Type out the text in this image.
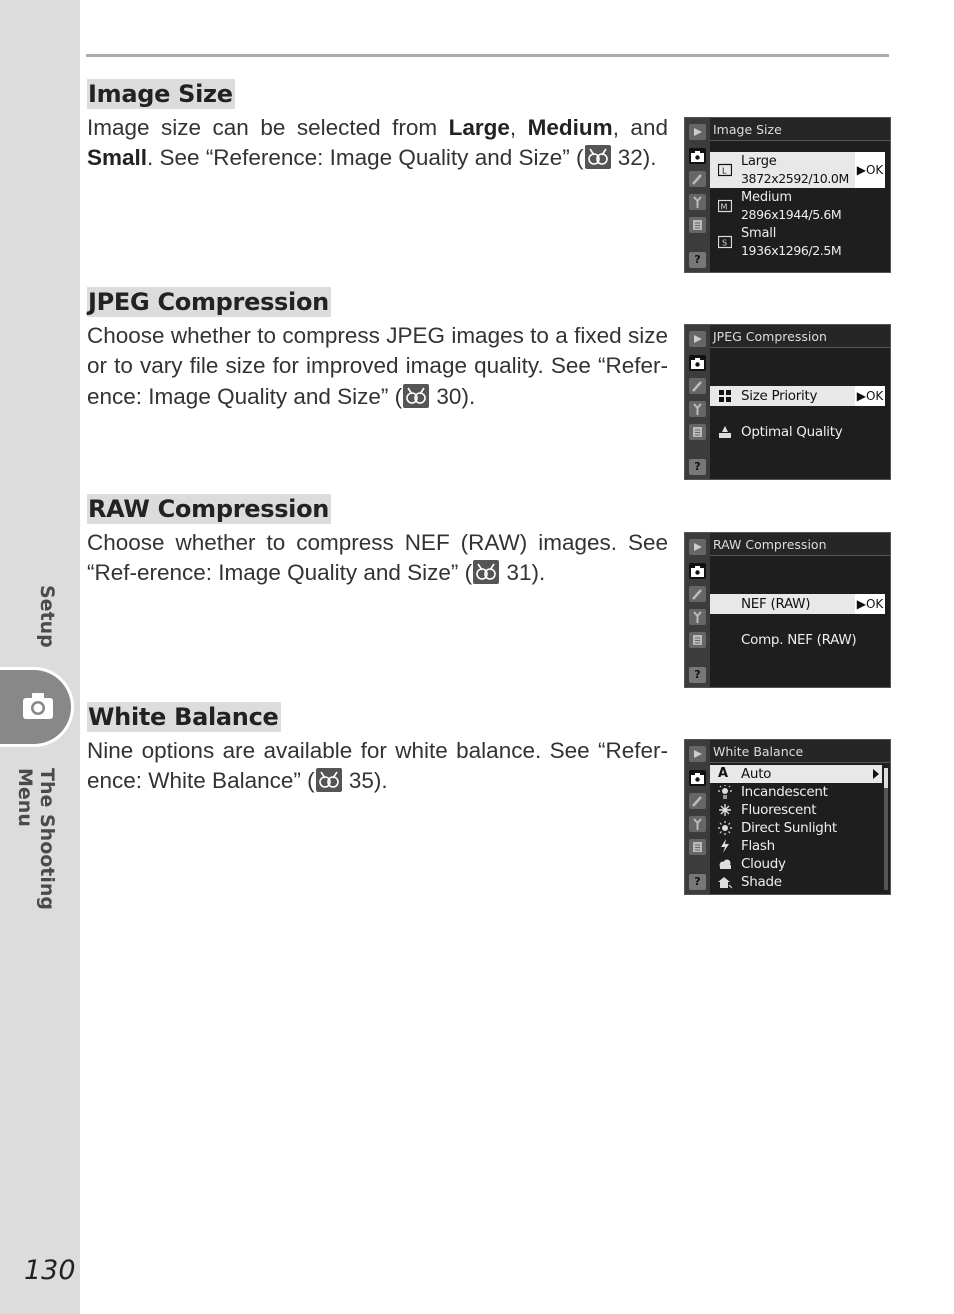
Setup
The Shooting Menu
130
Image Size
Image size can be selected from Large, Medium, and Small. See “Reference: Image Quality and Size” ( 32).
?
Image Size
L
Large
3872x2592/10.0M
▶OK
M
Medium
2896x1944/5.6M
S
Small
1936x1296/2.5M
JPEG Compression
Choose whether to compress JPEG images to a fixed size or to vary file size for improved image quality. See “Refer-ence: Image Quality and Size” ( 30).
?
JPEG Compression
Size Priority	▶OK
Optimal Quality
RAW Compression
Choose whether to compress NEF (RAW) images. See “Ref-erence: Image Quality and Size” ( 31).
?
RAW Compression
NEF (RAW)	▶OK
Comp. NEF (RAW)
White Balance
Nine options are available for white balance. See “Refer-ence: White Balance” ( 35).
?
White Balance
A Auto
Incandescent
Fluorescent
Direct Sunlight
Flash
Cloudy
Shade
